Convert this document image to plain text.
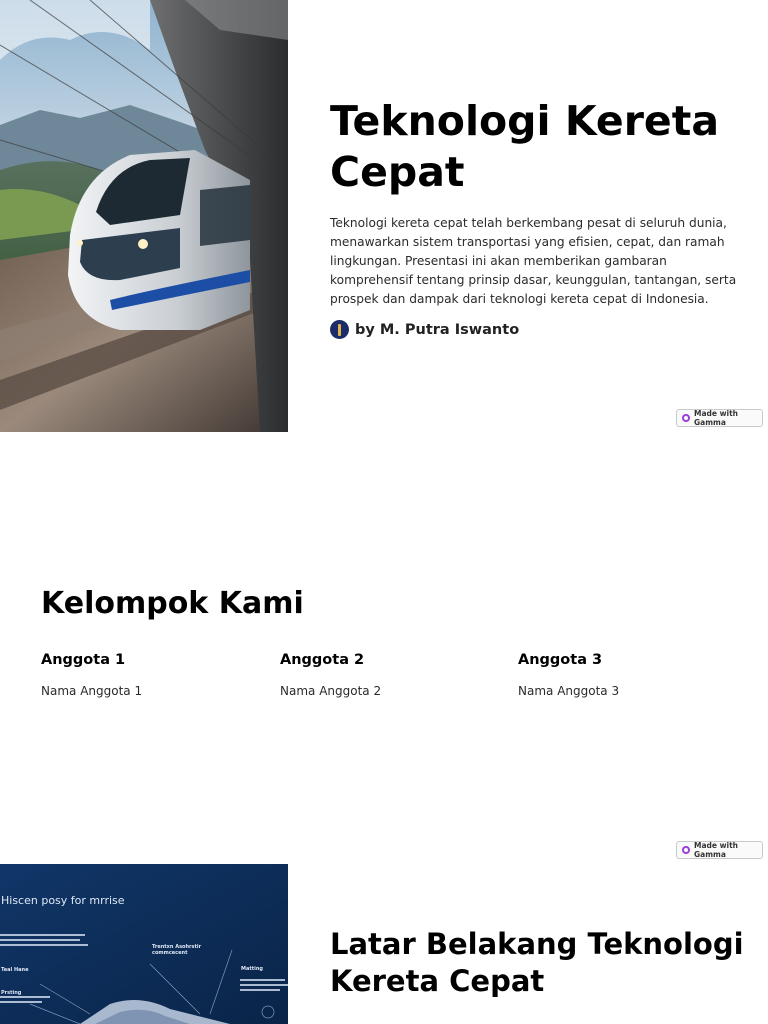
Teknologi Kereta Cepat

Teknologi kereta cepat telah berkembang pesat di seluruh dunia, menawarkan sistem transportasi yang efisien, cepat, dan ramah lingkungan. Presentasi ini akan memberikan gambaran komprehensif tentang prinsip dasar, keunggulan, tantangan, serta prospek dan dampak dari teknologi kereta cepat di Indonesia.

by M. Putra Iswanto
Made with Gamma
Kelompok Kami
Anggota 1
Nama Anggota 1
Anggota 2
Nama Anggota 2
Anggota 3
Nama Anggota 3
Made with Gamma
Hiscen posy for mrrise
Trentxn Asohrstir commcecent
Matting
Teal Hane
Prsting
Latar Belakang Teknologi Kereta Cepat
